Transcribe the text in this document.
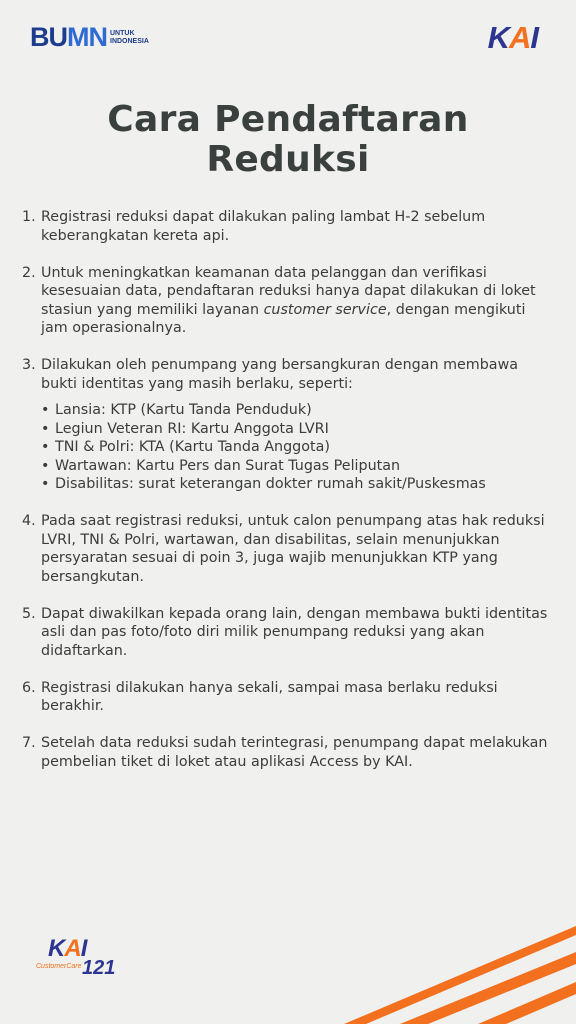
BUMN UNTUK
INDONESIA	KAI
Cara Pendaftaran
Reduksi
1. Registrasi reduksi dapat dilakukan paling lambat H-2 sebelum keberangkatan kereta api.
2. Untuk meningkatkan keamanan data pelanggan dan verifikasi kesesuaian data, pendaftaran reduksi hanya dapat dilakukan di loket stasiun yang memiliki layanan customer service, dengan mengikuti jam operasionalnya.
3. Dilakukan oleh penumpang yang bersangkuran dengan membawa bukti identitas yang masih berlaku, seperti:
• Lansia: KTP (Kartu Tanda Penduduk)
• Legiun Veteran RI: Kartu Anggota LVRI
• TNI & Polri: KTA (Kartu Tanda Anggota)
• Wartawan: Kartu Pers dan Surat Tugas Peliputan
• Disabilitas: surat keterangan dokter rumah sakit/Puskesmas
4. Pada saat registrasi reduksi, untuk calon penumpang atas hak reduksi LVRI, TNI & Polri, wartawan, dan disabilitas, selain menunjukkan persyaratan sesuai di poin 3, juga wajib menunjukkan KTP yang bersangkutan.
5. Dapat diwakilkan kepada orang lain, dengan membawa bukti identitas asli dan pas foto/foto diri milik penumpang reduksi yang akan didaftarkan.
6. Registrasi dilakukan hanya sekali, sampai masa berlaku reduksi berakhir.
7. Setelah data reduksi sudah terintegrasi, penumpang dapat melakukan pembelian tiket di loket atau aplikasi Access by KAI.
KAI
CustomerCare 121
